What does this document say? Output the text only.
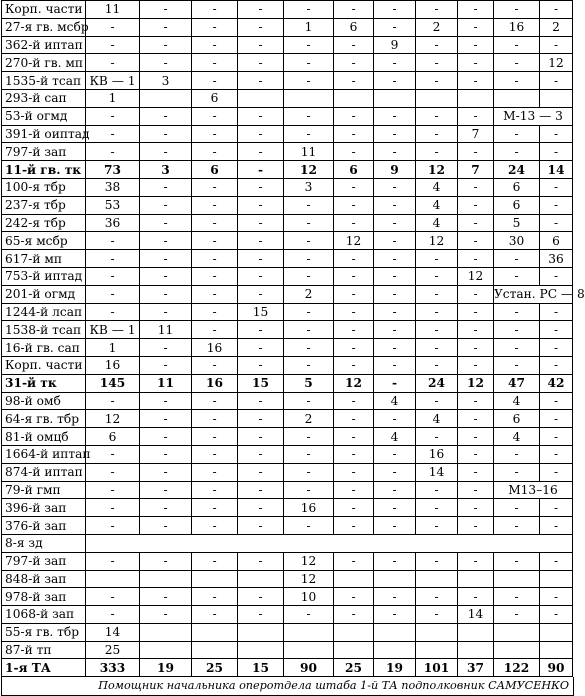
Корп. части	11	-	-	-	-	-	-	-	-	-	-
27-я гв. мсбр	-	-	-	-	1	6	-	2	-	16	2
362-й иптап	-	-	-	-	-	-	9	-	-	-	-
270-й гв. мп	-	-	-	-	-	-	-	-	-	-	12
1535-й тсап	КВ — 1	3	-	-	-	-	-	-	-	-	-
293-й сап	1		6								
53-й огмд	-	-	-	-	-	-	-	-	-	М-13 — 3	
391-й оиптад	-	-	-	-	-	-	-	-	7	-	-
797-й зап	-	-	-	-	11	-	-	-	-	-	-
11-й гв. тк	73	3	6	-	12	6	9	12	7	24	14
100-я тбр	38	-	-	-	3	-	-	4	-	6	-
237-я тбр	53	-	-	-	-	-	-	4	-	6	-
242-я тбр	36	-	-	-	-	-	-	4	-	5	-
65-я мсбр	-	-	-	-	-	12	-	12	-	30	6
617-й мп	-	-	-	-	-	-	-	-	-	-	36
753-й иптад	-	-	-	-	-	-	-	-	12	-	-
201-й огмд	-	-	-	-	2	-	-	-	-	Устан. РС — 8	
1244-й лсап	-	-	-	15	-	-	-	-	-	-	-
1538-й тсап	КВ — 1	11	-	-	-	-	-	-	-	-	-
16-й гв. сап	1	-	16	-	-	-	-	-	-	-	-
Корп. части	16	-	-	-	-	-	-	-	-	-	-
31-й тк	145	11	16	15	5	12	-	24	12	47	42
98-й омб	-	-	-	-	-	-	4	-	-	4	-
64-я гв. тбр	12	-	-	-	2	-	-	4	-	6	-
81-й омцб	6	-	-	-	-	-	4	-	-	4	-
1664-й иптап	-	-	-	-	-	-	-	16	-	-	-
874-й иптап	-	-	-	-	-	-	-	14	-	-	-
79-й гмп	-	-	-	-	-	-	-	-	-	М13–16	
396-й зап	-	-	-	-	16	-	-	-	-	-	-
376-й зап	-	-	-	-	-	-	-	-	-	-	-
8-я зд											
797-й зап	-	-	-	-	12	-	-	-	-	-	-
848-й зап					12						
978-й зап	-	-	-	-	10	-	-	-	-	-	-
1068-й зап	-	-	-	-	-	-	-	-	14	-	-
55-я гв. тбр	14										
87-й тп	25										
1-я ТА	333	19	25	15	90	25	19	101	37	122	90
Помощник начальника оперотдела штаба 1-й ТА подполковник САМУСЕНКО
